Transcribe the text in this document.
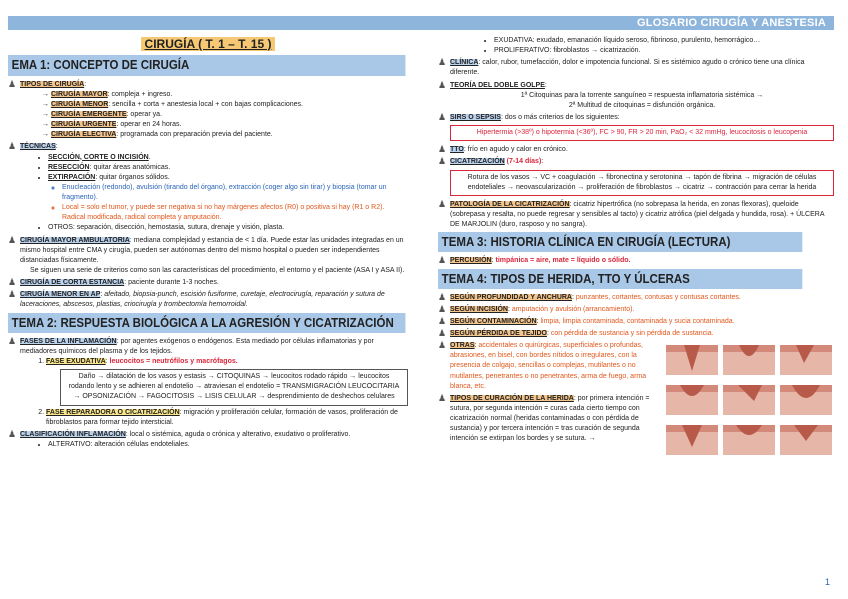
GLOSARIO CIRUGÍA Y ANESTESIA
CIRUGÍA ( T. 1 – T. 15 )
EMA 1: CONCEPTO DE CIRUGÍA
♟ TIPOS DE CIRUGÍA:
→ CIRUGÍA MAYOR: compleja + ingreso.
→ CIRUGÍA MENOR: sencilla + corta + anestesia local + con bajas complicaciones.
→ CIRUGÍA EMERGENTE: operar ya.
→ CIRUGÍA URGENTE: operar en 24 horas.
→ CIRUGÍA ELECTIVA: programada con preparación previa del paciente.
♟ TÉCNICAS:
• SECCIÓN, CORTE O INCISIÓN.
• RESECCIÓN: quitar áreas anatómicas.
• EXTIRPACIÓN: quitar órganos sólidos.
◦ Enucleación (redondo), avulsión (tirando del órgano), extracción (coger algo sin tirar) y biopsia (tomar un fragmento).
◦ Local = solo el tumor, y puede ser negativa si no hay márgenes afectos (R0) o positiva si hay (R1 o R2). Radical modificada, radical completa y amputación.
• OTROS: separación, disección, hemostasia, sutura, drenaje y visión, plasta.
♟ CIRUGÍA MAYOR AMBULATORIA: mediana complejidad y estancia de < 1 día. Puede estar las unidades integradas en un mismo hospital entre CMA y cirugía, pueden ser autónomas dentro del mismo hospital o pueden ser independientes distanciadas físicamente.
Se siguen una serie de criterios como son las características del procedimiento, el entorno y el paciente (ASA I y ASA II).
♟ CIRUGÍA DE CORTA ESTANCIA: paciente durante 1-3 noches.
♟ CIRUGÍA MENOR EN AP: afeitado, biopsia-punch, escisión fusiforme, curetaje, electrocirugía, reparación y sutura de laceraciones, abscesos, plastias, criocirugía y trombectomía hemorroidal.
TEMA 2: RESPUESTA BIOLÓGICA A LA AGRESIÓN Y CICATRIZACIÓN
♟ FASES DE LA INFLAMACIÓN: por agentes exógenos o endógenos. Esta mediado por células inflamatorias y por mediadores químicos del plasma y de los tejidos.
1. FASE EXUDATIVA: leucocitos = neutrófilos y macrófagos.
Daño → dilatación de los vasos y estasis → CITOQUINAS → leucocitos rodado rápido → leucocitos rodando lento y se adhieren al endotelio → atraviesan el endotelio = TRANSMIGRACIÓN LEUCOCITARIA → OPSONIZACIÓN → FAGOCITOSIS → LISIS CELULAR → desprendimiento de deshechos celulares
2. FASE REPARADORA O CICATRIZACIÓN: migración y proliferación celular, formación de vasos, proliferación de fibroblastos para formar tejido intersticial.
♟ CLASIFICACIÓN INFLAMACIÓN: local o sistémica, aguda o crónica y alterativo, exudativo o proliferativo.
• ALTERATIVO: alteración células endoteliales.
• EXUDATIVA: exudado, emanación líquido seroso, fibrinoso, purulento, hemorrágico…
• PROLIFERATIVO: fibroblastos → cicatrización.
♟ CLÍNICA: calor, rubor, tumefacción, dolor e impotencia funcional. Si es sistémico agudo o crónico tiene una clínica diferente.
♟ TEORÍA DEL DOBLE GOLPE:
1ª Citoquinas para la torrente sanguíneo = respuesta inflamatoria sistémica →
2ª Multitud de citoquinas = disfunción orgánica.
♟ SIRS O SEPSIS: dos o más criterios de los siguientes:
Hipertermia (>38º) o hipotermia (<36º), FC > 90, FR > 20 min, PaO₂ < 32 mmHg, leucocitosis o leucopenia
♟ TTO: frío en agudo y calor en crónico.
♟ CICATRIZACIÓN (7-14 días):
Rotura de los vasos → VC + coagulación → fibronectina y serotonina → tapón de fibrina → migración de células endoteliales → neovascularización → proliferación de fibroblastos → cicatriz → contracción para cerrar la herida
♟ PATOLOGÍA DE LA CICATRIZACIÓN: cicatriz hipertrófica (no sobrepasa la herida, en zonas flexoras), queloide (sobrepasa y resalta, no puede regresar y sensibles al tacto) y cicatriz atrófica (piel delgada y hundida, rosa). + ÚLCERA DE MARJOLIN (duro, rasposo y no sangra).
TEMA 3: HISTORIA CLÍNICA EN CIRUGÍA (LECTURA)
♟ PERCUSIÓN: timpánica = aire, mate = líquido o sólido.
TEMA 4: TIPOS DE HERIDA, TTO Y ÚLCERAS
♟ SEGÚN PROFUNDIDAD Y ANCHURA: punzantes, cortantes, contusas y contusas cortantes.
♟ SEGÚN INCISIÓN: amputación y avulsión (arrancamiento).
♟ SEGÚN CONTAMINACIÓN: limpia, limpia contaminada, contaminada y sucia contaminada.
♟ SEGÚN PÉRDIDA DE TEJIDO: con pérdida de sustancia y sin pérdida de sustancia.
♟ OTRAS: accidentales o quirúrgicas, superficiales o profundas, abrasiones, en bisel, con bordes nítidos o irregulares, con la presencia de colgajo, sencillas o complejas, mutilantes o no mutilantes, penetrantes o no penetrantes, arma de fuego, arma blanca, etc.
♟ TIPOS DE CURACIÓN DE LA HERIDA: por primera intención = sutura, por segunda intención = curas cada cierto tiempo con cicatrización normal (heridas contaminadas o con pérdida de sustancia) y por tercera intención = tras curación de segunda intención se extirpan los bordes y se sutura. →
1
